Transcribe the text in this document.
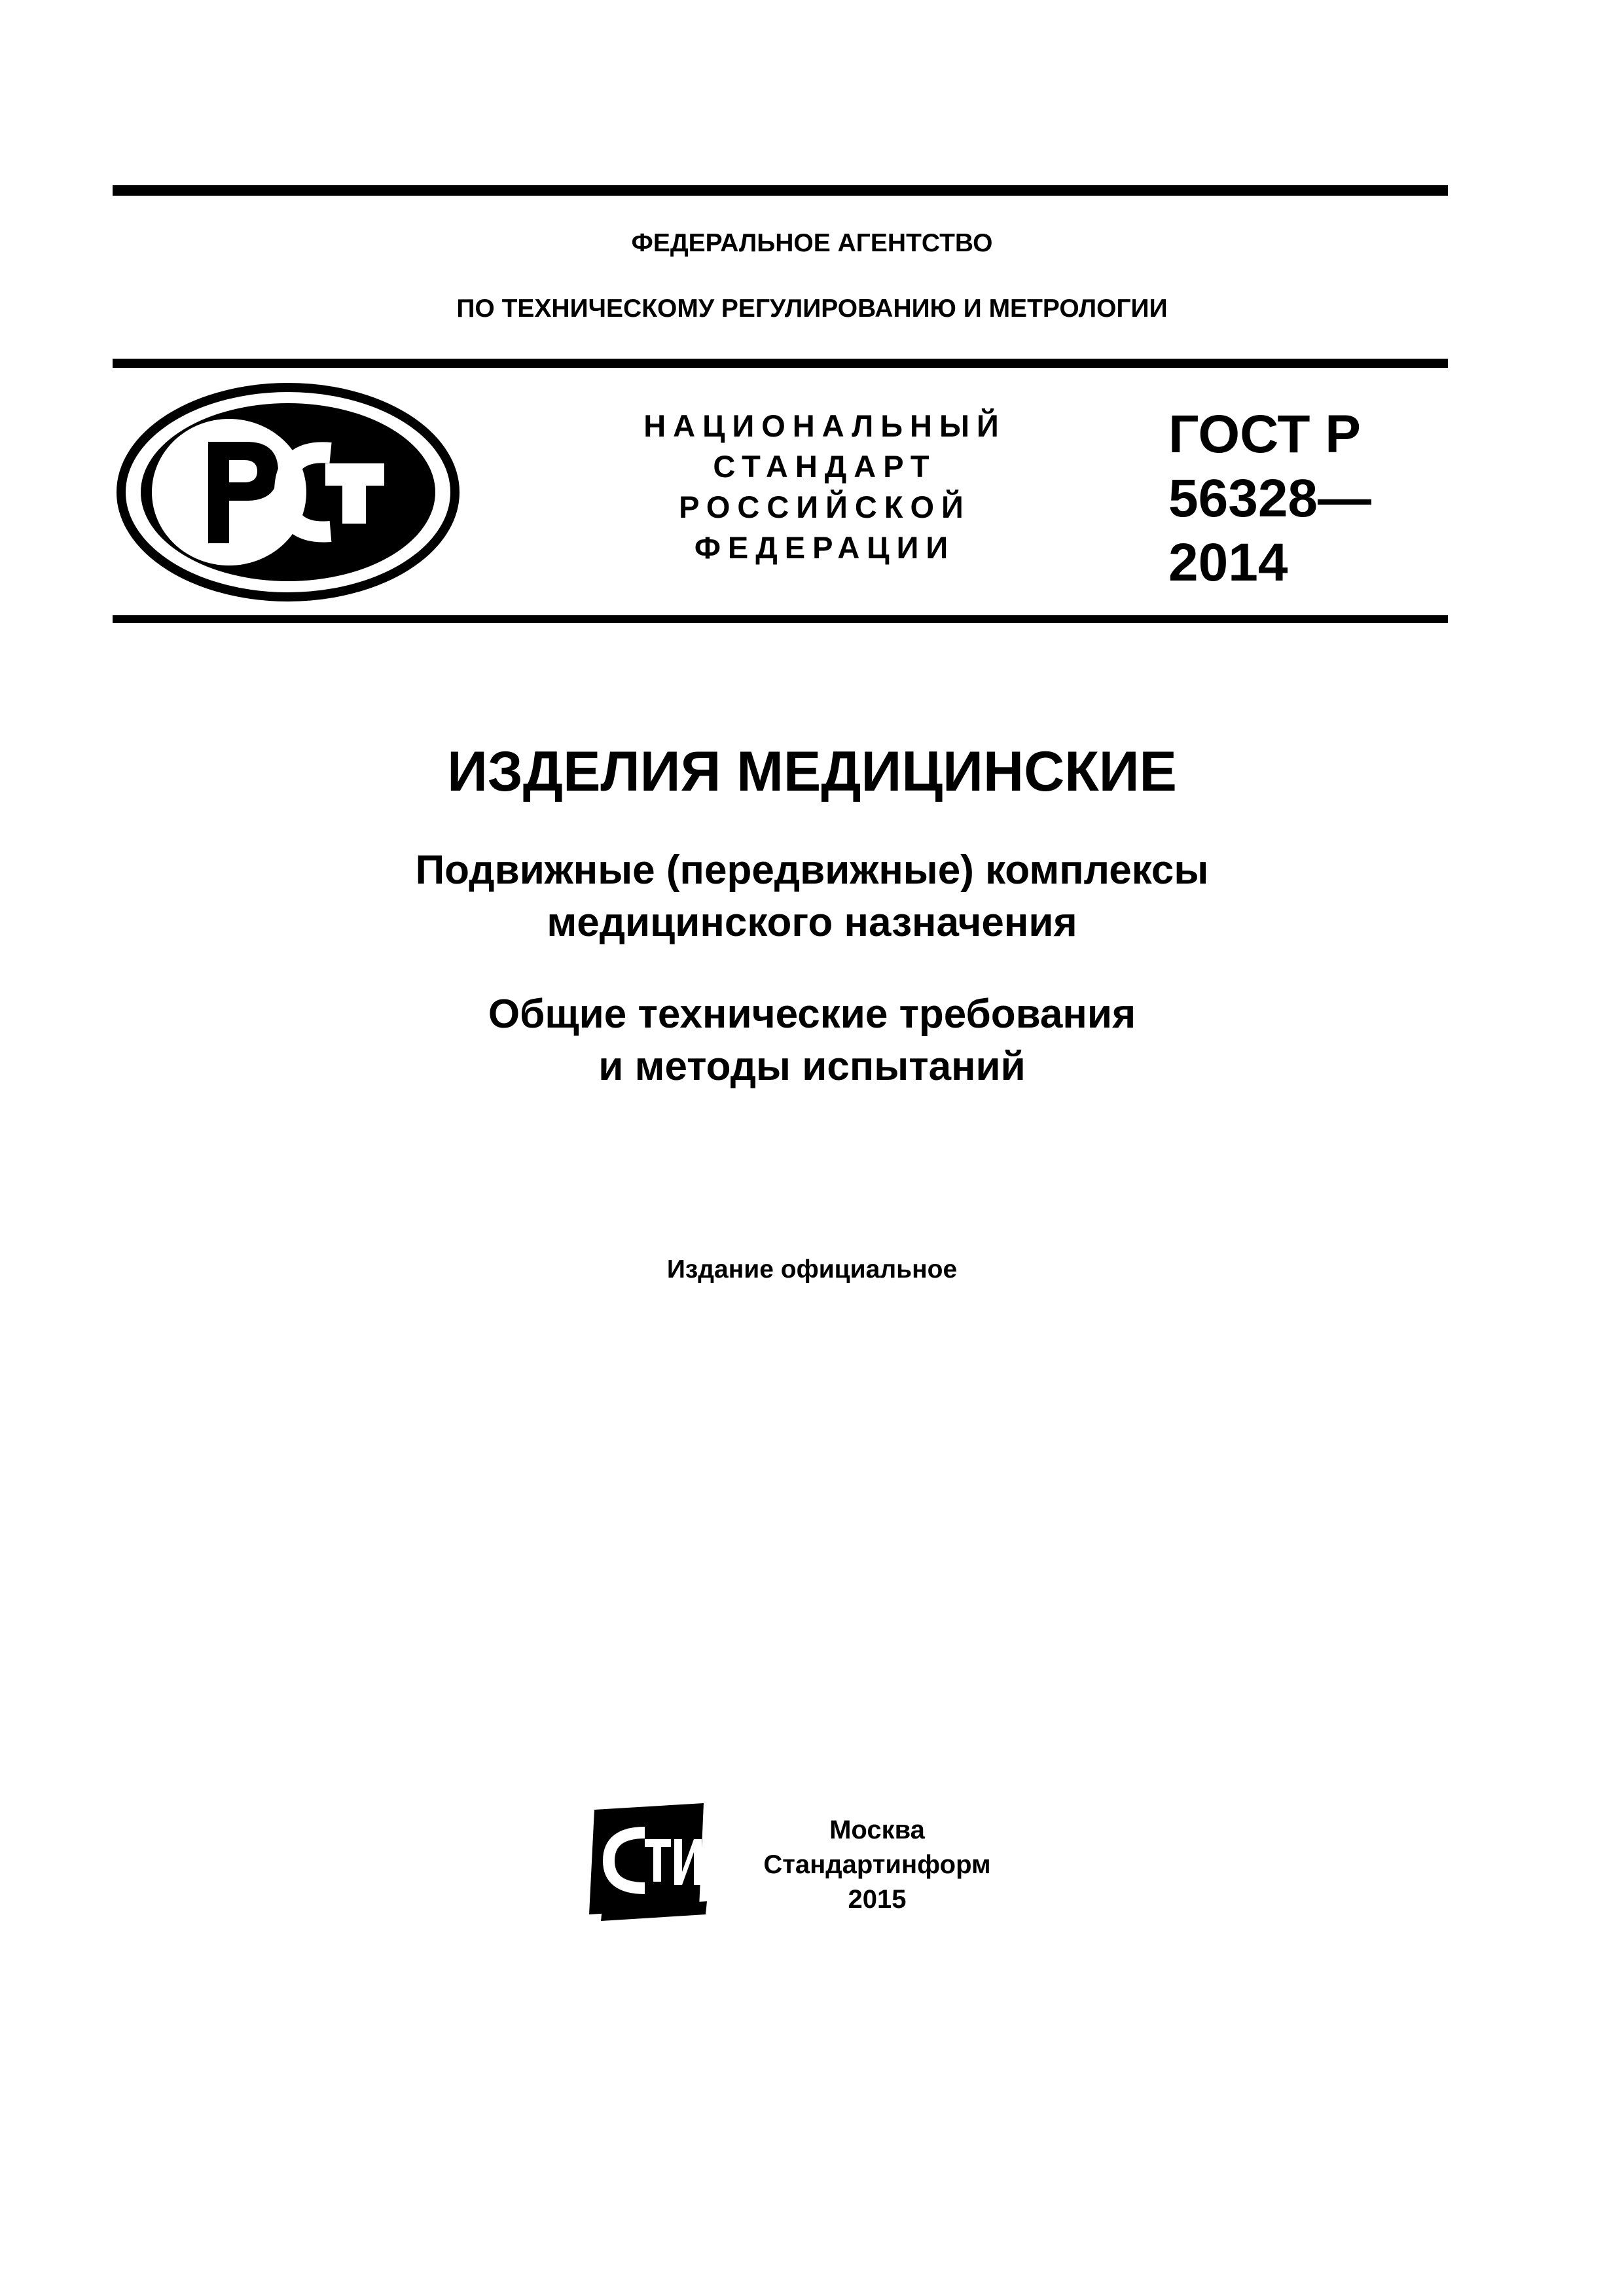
ФЕДЕРАЛЬНОЕ АГЕНТСТВО
ПО ТЕХНИЧЕСКОМУ РЕГУЛИРОВАНИЮ И МЕТРОЛОГИИ
НАЦИОНАЛЬНЫЙ
СТАНДАРТ
РОССИЙСКОЙ
ФЕДЕРАЦИИ
ГОСТ Р
56328—
2014
ИЗДЕЛИЯ МЕДИЦИНСКИЕ
Подвижные (передвижные) комплексы
медицинского назначения
Общие технические требования
и методы испытаний
Издание официальное
Москва
Стандартинформ
2015
